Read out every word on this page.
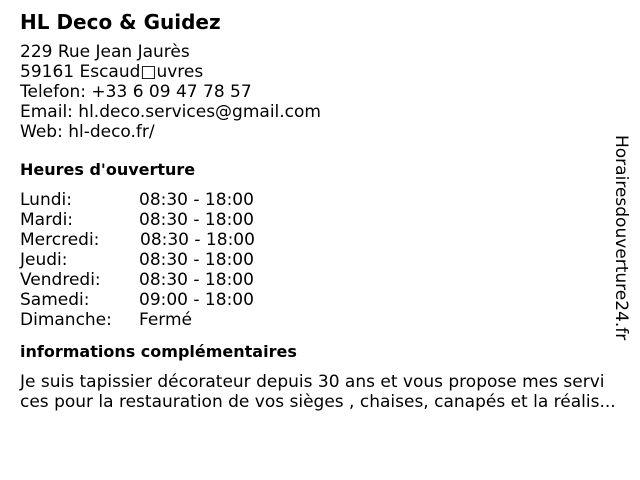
HL Deco & Guidez
229 Rue Jean Jaurès
59161 Escaud□uvres
Telefon: +33 6 09 47 78 57
Email: hl.deco.services@gmail.com
Web: hl-deco.fr/
Heures d'ouverture
Lundi:	08:30 - 18:00
Mardi:	08:30 - 18:00
Mercredi: 08:30 - 18:00
Jeudi:	08:30 - 18:00
Vendredi: 08:30 - 18:00
Samedi:	09:00 - 18:00
Dimanche: Fermé
informations complémentaires
Je suis tapissier décorateur depuis 30 ans et vous propose mes servi
ces pour la restauration de vos sièges , chaises, canapés et la réalis...
Horairesdouverture24.fr
